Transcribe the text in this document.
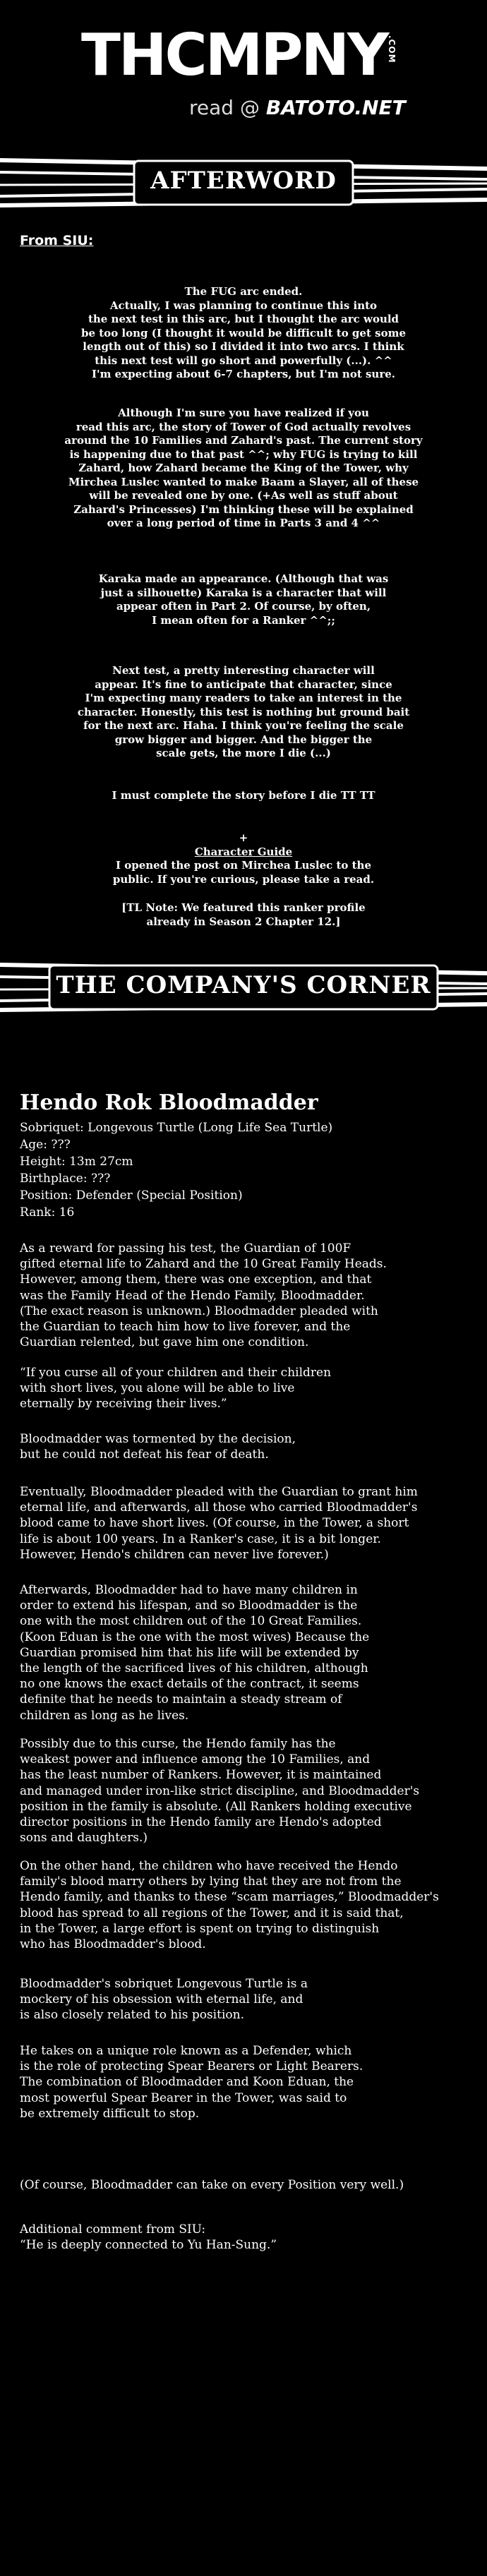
THCMPNY .COM
read @ BATOTO.NET
AFTERWORD
From SIU:
The FUG arc ended.
Actually, I was planning to continue this into
the next test in this arc, but I thought the arc would
be too long (I thought it would be difficult to get some
length out of this) so I divided it into two arcs. I think
this next test will go short and powerfully (...). ^^
I'm expecting about 6-7 chapters, but I'm not sure.
Although I'm sure you have realized if you
read this arc, the story of Tower of God actually revolves
around the 10 Families and Zahard's past. The current story
is happening due to that past ^^; why FUG is trying to kill
Zahard, how Zahard became the King of the Tower, why
Mirchea Luslec wanted to make Baam a Slayer, all of these
will be revealed one by one. (+As well as stuff about
Zahard's Princesses) I'm thinking these will be explained
over a long period of time in Parts 3 and 4 ^^
Karaka made an appearance. (Although that was
just a silhouette) Karaka is a character that will
appear often in Part 2. Of course, by often,
I mean often for a Ranker ^^;;
Next test, a pretty interesting character will
appear. It's fine to anticipate that character, since
I'm expecting many readers to take an interest in the
character. Honestly, this test is nothing but ground bait
for the next arc. Haha. I think you're feeling the scale
grow bigger and bigger. And the bigger the
scale gets, the more I die (...)
I must complete the story before I die TT TT
+
Character Guide
I opened the post on Mirchea Luslec to the
public. If you're curious, please take a read.
[TL Note: We featured this ranker profile
already in Season 2 Chapter 12.]
THE COMPANY'S CORNER
Hendo Rok Bloodmadder
Sobriquet: Longevous Turtle (Long Life Sea Turtle)
Age: ???
Height: 13m 27cm
Birthplace: ???
Position: Defender (Special Position)
Rank: 16
As a reward for passing his test, the Guardian of 100F
gifted eternal life to Zahard and the 10 Great Family Heads.
However, among them, there was one exception, and that
was the Family Head of the Hendo Family, Bloodmadder.
(The exact reason is unknown.) Bloodmadder pleaded with
the Guardian to teach him how to live forever, and the
Guardian relented, but gave him one condition.
“If you curse all of your children and their children
with short lives, you alone will be able to live
eternally by receiving their lives.”
Bloodmadder was tormented by the decision,
but he could not defeat his fear of death.
Eventually, Bloodmadder pleaded with the Guardian to grant him
eternal life, and afterwards, all those who carried Bloodmadder's
blood came to have short lives. (Of course, in the Tower, a short
life is about 100 years. In a Ranker's case, it is a bit longer.
However, Hendo's children can never live forever.)
Afterwards, Bloodmadder had to have many children in
order to extend his lifespan, and so Bloodmadder is the
one with the most children out of the 10 Great Families.
(Koon Eduan is the one with the most wives) Because the
Guardian promised him that his life will be extended by
the length of the sacrificed lives of his children, although
no one knows the exact details of the contract, it seems
definite that he needs to maintain a steady stream of
children as long as he lives.
Possibly due to this curse, the Hendo family has the
weakest power and influence among the 10 Families, and
has the least number of Rankers. However, it is maintained
and managed under iron-like strict discipline, and Bloodmadder's
position in the family is absolute. (All Rankers holding executive
director positions in the Hendo family are Hendo's adopted
sons and daughters.)
On the other hand, the children who have received the Hendo
family's blood marry others by lying that they are not from the
Hendo family, and thanks to these “scam marriages,” Bloodmadder's
blood has spread to all regions of the Tower, and it is said that,
in the Tower, a large effort is spent on trying to distinguish
who has Bloodmadder's blood.
Bloodmadder's sobriquet Longevous Turtle is a
mockery of his obsession with eternal life, and
is also closely related to his position.
He takes on a unique role known as a Defender, which
is the role of protecting Spear Bearers or Light Bearers.
The combination of Bloodmadder and Koon Eduan, the
most powerful Spear Bearer in the Tower, was said to
be extremely difficult to stop.
(Of course, Bloodmadder can take on every Position very well.)
Additional comment from SIU:
“He is deeply connected to Yu Han-Sung.”
